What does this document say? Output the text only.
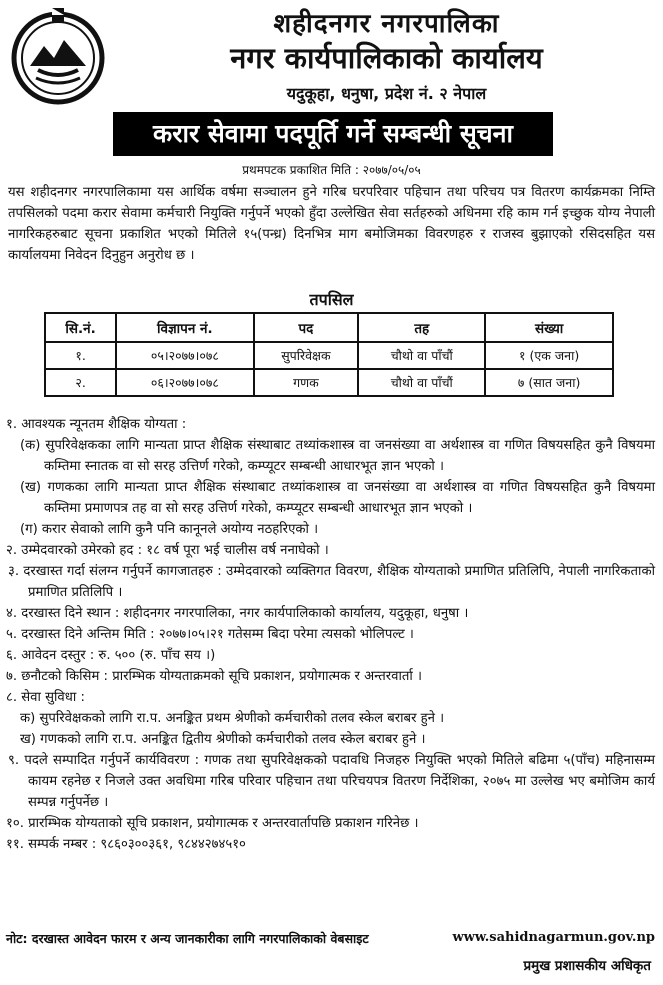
शहीदनगर नगरपालिका
नगर कार्यपालिकाको कार्यालय
यदुकूहा, धनुषा, प्रदेश नं. २ नेपाल
करार सेवामा पदपूर्ति गर्ने सम्बन्धी सूचना
प्रथमपटक प्रकाशित मिति : २०७७/०५/०५
यस शहीदनगर नगरपालिकामा यस आर्थिक वर्षमा सञ्चालन हुने गरिब घरपरिवार पहिचान तथा परिचय पत्र वितरण कार्यक्रमका निम्ति तपसिलको पदमा करार सेवामा कर्मचारी नियुक्ति गर्नुपर्ने भएको हुँदा उल्लेखित सेवा सर्तहरुको अधिनमा रहि काम गर्न इच्छुक योग्य नेपाली नागरिकहरुबाट सूचना प्रकाशित भएको मितिले १५(पन्ध्र) दिनभित्र माग बमोजिमका विवरणहरु र राजस्व बुझाएको रसिदसहित यस कार्यालयमा निवेदन दिनुहुन अनुरोध छ ।
तपसिल
सि.नं.	विज्ञापन नं.	पद	तह	संख्या
१.	०५।२०७७।०७८	सुपरिवेक्षक	चौथो वा पाँचौं	१ (एक जना)
२.	०६।२०७७।०७८	गणक	चौथो वा पाँचौं	७ (सात जना)

१. आवश्यक न्यूनतम शैक्षिक योग्यता :

(क) सुपरिवेक्षकका लागि मान्यता प्राप्त शैक्षिक संस्थाबाट तथ्यांकशास्त्र वा जनसंख्या वा अर्थशास्त्र वा गणित विषयसहित कुनै विषयमा कम्तिमा स्नातक वा सो सरह उत्तिर्ण गरेको, कम्प्यूटर सम्बन्धी आधारभूत ज्ञान भएको ।

(ख) गणकका लागि मान्यता प्राप्त शैक्षिक संस्थाबाट तथ्यांकशास्त्र वा जनसंख्या वा अर्थशास्त्र वा गणित विषयसहित कुनै विषयमा कम्तिमा प्रमाणपत्र तह वा सो सरह उत्तिर्ण गरेको, कम्प्यूटर सम्बन्धी आधारभूत ज्ञान भएको ।

(ग) करार सेवाको लागि कुनै पनि कानूनले अयोग्य नठहरिएको ।

२. उम्मेदवारको उमेरको हद : १८ वर्ष पूरा भई चालीस वर्ष ननाघेको ।

३. दरखास्त गर्दा संलग्न गर्नुपर्ने कागजातहरु : उम्मेदवारको व्यक्तिगत विवरण, शैक्षिक योग्यताको प्रमाणित प्रतिलिपि, नेपाली नागरिकताको प्रमाणित प्रतिलिपि ।

४. दरखास्त दिने स्थान : शहीदनगर नगरपालिका, नगर कार्यपालिकाको कार्यालय, यदुकूहा, धनुषा ।

५. दरखास्त दिने अन्तिम मिति : २०७७।०५।२१ गतेसम्म बिदा परेमा त्यसको भोलिपल्ट ।

६. आवेदन दस्तुर : रु. ५०० (रु. पाँच सय ।)

७. छनौटको किसिम : प्रारम्भिक योग्यताक्रमको सूचि प्रकाशन, प्रयोगात्मक र अन्तरवार्ता ।

८. सेवा सुविधा :

क) सुपरिवेक्षकको लागि रा.प. अनङ्कित प्रथम श्रेणीको कर्मचारीको तलव स्केल बराबर हुने ।

ख) गणकको लागि रा.प. अनङ्कित द्वितीय श्रेणीको कर्मचारीको तलव स्केल बराबर हुने ।

९. पदले सम्पादित गर्नुपर्ने कार्यविवरण : गणक तथा सुपरिवेक्षकको पदावधि निजहरु नियुक्ति भएको मितिले बढिमा ५(पाँच) महिनासम्म कायम रहनेछ र निजले उक्त अवधिमा गरिब परिवार पहिचान तथा परिचयपत्र वितरण निर्देशिका, २०७५ मा उल्लेख भए बमोजिम कार्य सम्पन्न गर्नुपर्नेछ ।

१०. प्रारम्भिक योग्यताको सूचि प्रकाशन, प्रयोगात्मक र अन्तरवार्तापछि प्रकाशन गरिनेछ ।

११. सम्पर्क नम्बर : ९८६०३००३६१, ९८४४२७४५१०

नोट: दरखास्त आवेदन फारम र अन्य जानकारीका लागि नगरपालिकाको वेबसाइट	www.sahidnagarmun.gov.np
प्रमुख प्रशासकीय अधिकृत
